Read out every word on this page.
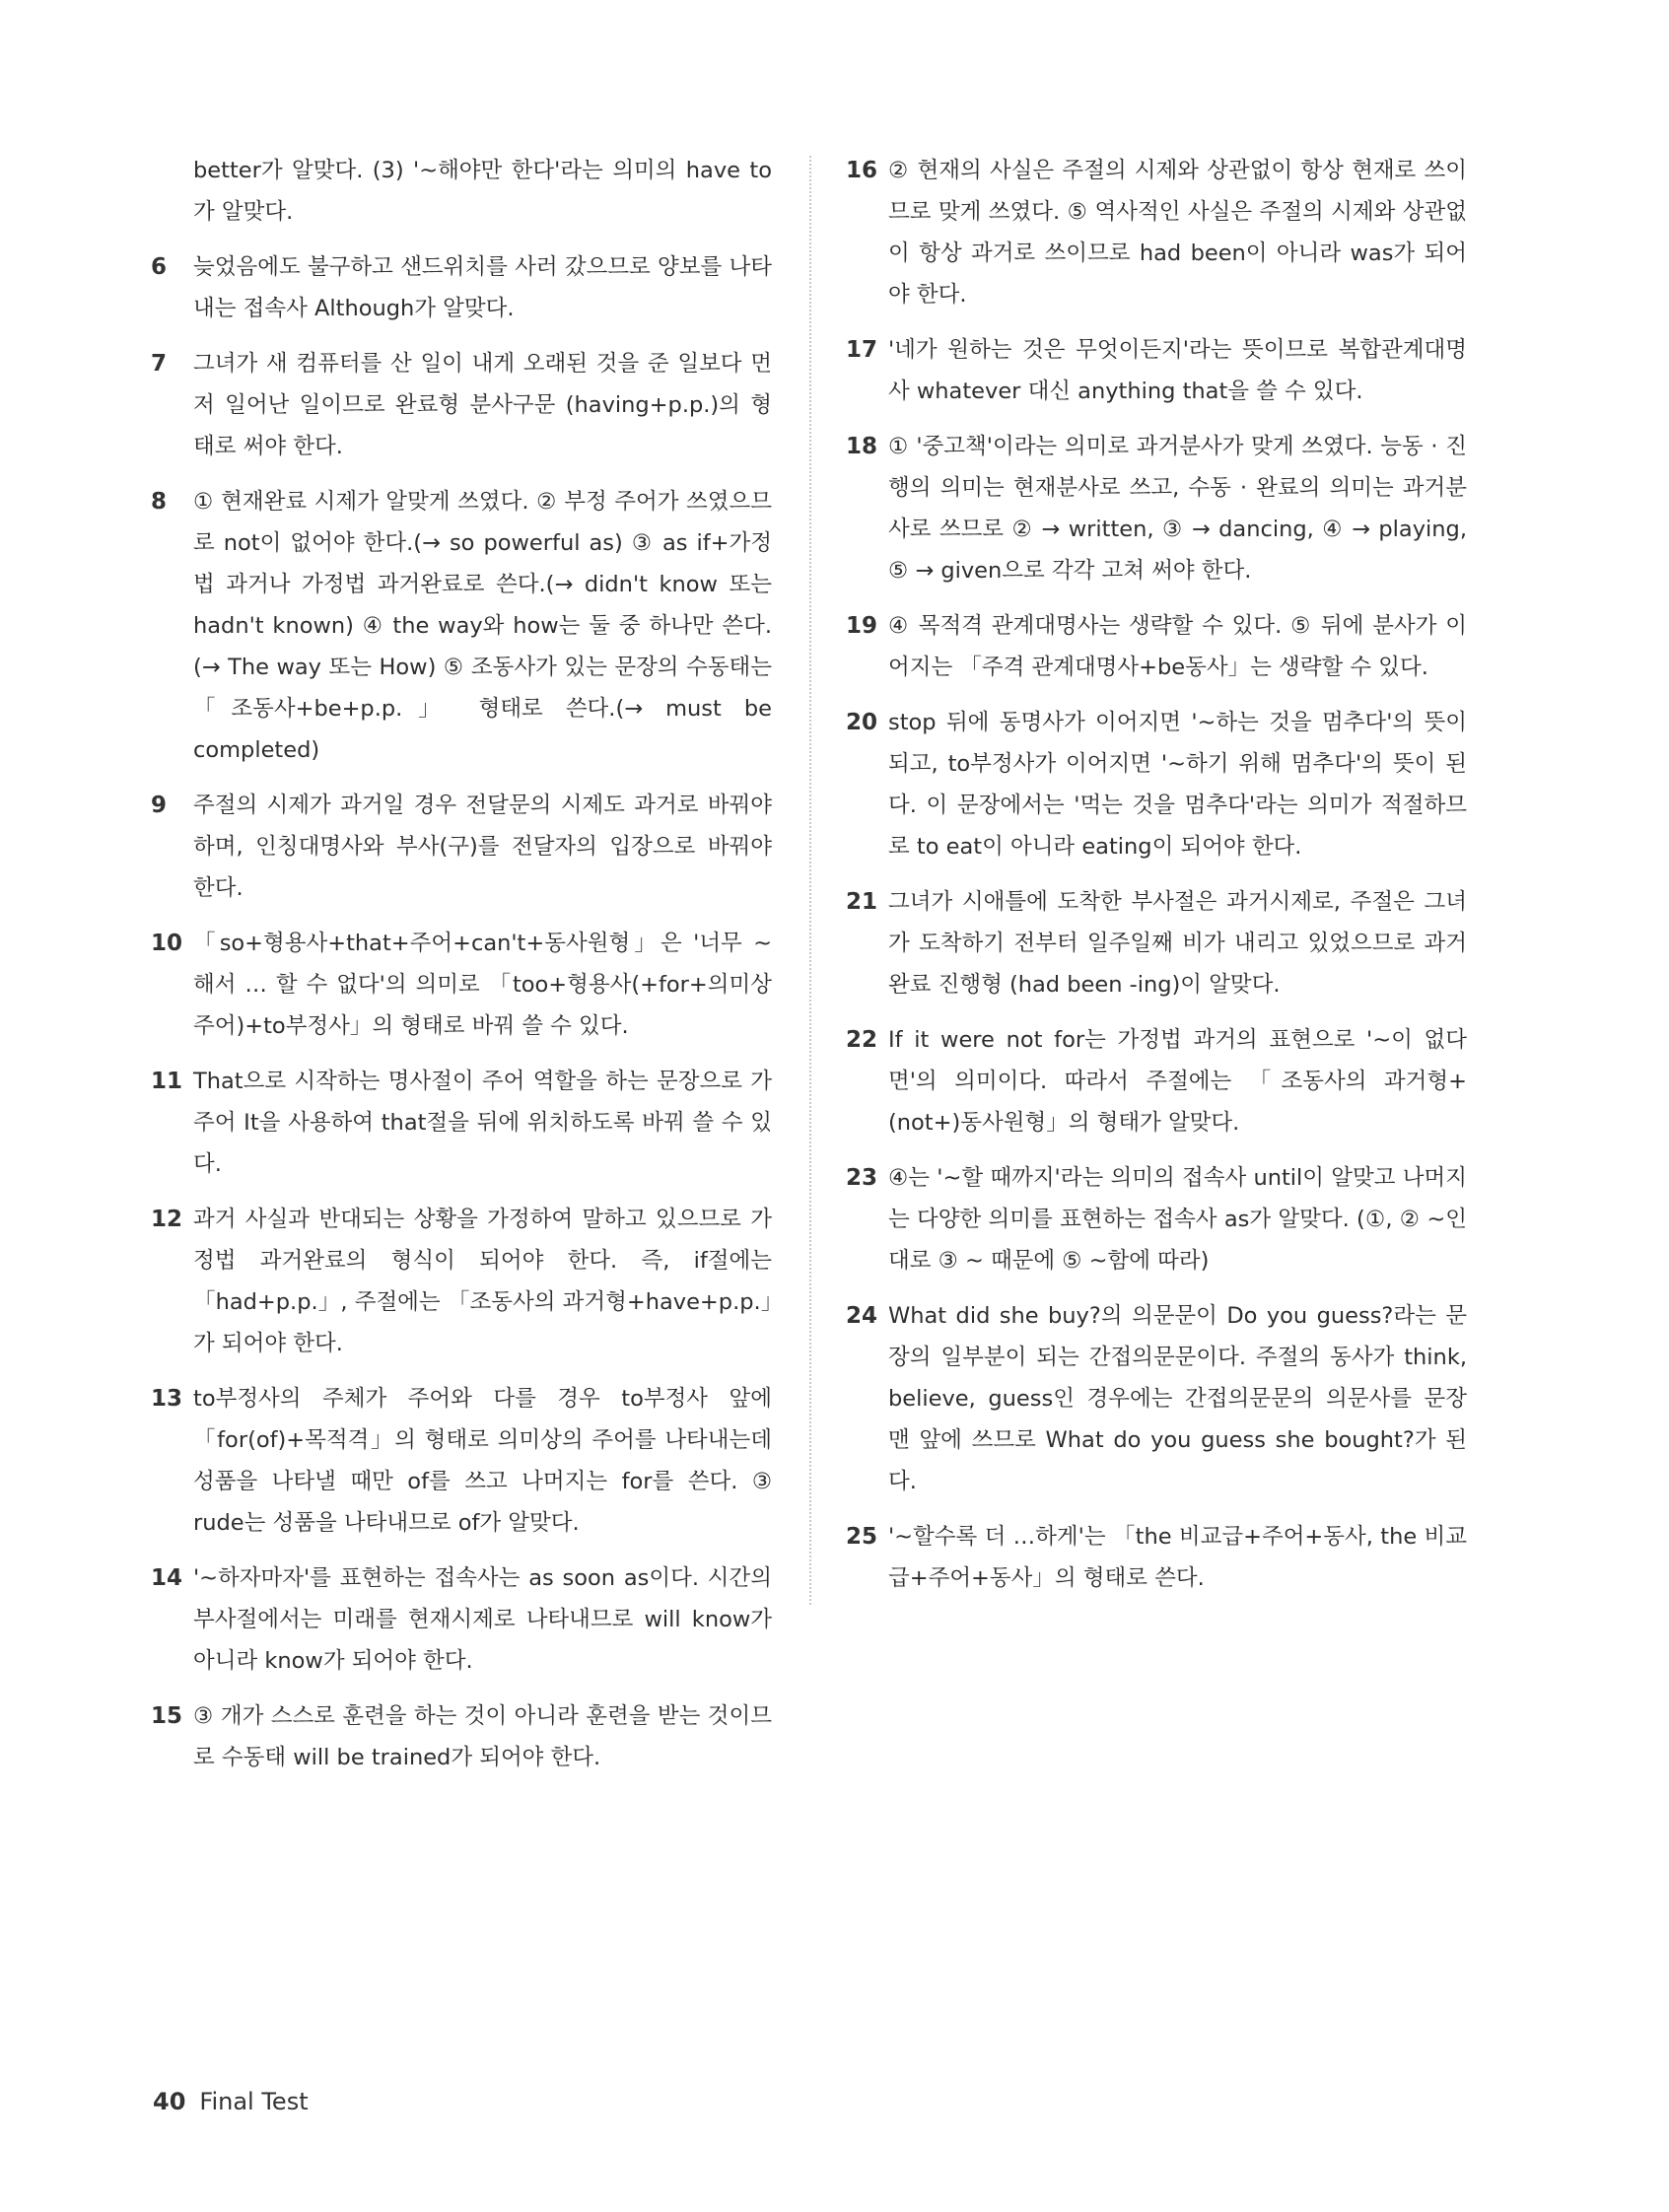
better가 알맞다. (3) '~해야만 한다'라는 의미의 have to가 알맞다.
6 늦었음에도 불구하고 샌드위치를 사러 갔으므로 양보를 나타내는 접속사 Although가 알맞다.
7 그녀가 새 컴퓨터를 산 일이 내게 오래된 것을 준 일보다 먼저 일어난 일이므로 완료형 분사구문 (having+p.p.)의 형태로 써야 한다.
8 ① 현재완료 시제가 알맞게 쓰였다. ② 부정 주어가 쓰였으므로 not이 없어야 한다.(→ so powerful as) ③ as if+가정법 과거나 가정법 과거완료로 쓴다.(→ didn't know 또는 hadn't known) ④ the way와 how는 둘 중 하나만 쓴다.(→ The way 또는 How) ⑤ 조동사가 있는 문장의 수동태는 「조동사+be+p.p.」 형태로 쓴다.(→ must be completed)
9 주절의 시제가 과거일 경우 전달문의 시제도 과거로 바꿔야 하며, 인칭대명사와 부사(구)를 전달자의 입장으로 바꿔야 한다.
10 「so+형용사+that+주어+can't+동사원형」은 '너무 ~해서 … 할 수 없다'의 의미로 「too+형용사(+for+의미상 주어)+to부정사」의 형태로 바꿔 쓸 수 있다.
11 That으로 시작하는 명사절이 주어 역할을 하는 문장으로 가주어 It을 사용하여 that절을 뒤에 위치하도록 바꿔 쓸 수 있다.
12 과거 사실과 반대되는 상황을 가정하여 말하고 있으므로 가정법 과거완료의 형식이 되어야 한다. 즉, if절에는 「had+p.p.」, 주절에는 「조동사의 과거형+have+p.p.」가 되어야 한다.
13 to부정사의 주체가 주어와 다를 경우 to부정사 앞에 「for(of)+목적격」의 형태로 의미상의 주어를 나타내는데 성품을 나타낼 때만 of를 쓰고 나머지는 for를 쓴다. ③ rude는 성품을 나타내므로 of가 알맞다.
14 '~하자마자'를 표현하는 접속사는 as soon as이다. 시간의 부사절에서는 미래를 현재시제로 나타내므로 will know가 아니라 know가 되어야 한다.
15 ③ 개가 스스로 훈련을 하는 것이 아니라 훈련을 받는 것이므로 수동태 will be trained가 되어야 한다.
16 ② 현재의 사실은 주절의 시제와 상관없이 항상 현재로 쓰이므로 맞게 쓰였다. ⑤ 역사적인 사실은 주절의 시제와 상관없이 항상 과거로 쓰이므로 had been이 아니라 was가 되어야 한다.
17 '네가 원하는 것은 무엇이든지'라는 뜻이므로 복합관계대명사 whatever 대신 anything that을 쓸 수 있다.
18 ① '중고책'이라는 의미로 과거분사가 맞게 쓰였다. 능동 · 진행의 의미는 현재분사로 쓰고, 수동 · 완료의 의미는 과거분사로 쓰므로 ② → written, ③ → dancing, ④ → playing, ⑤ → given으로 각각 고쳐 써야 한다.
19 ④ 목적격 관계대명사는 생략할 수 있다. ⑤ 뒤에 분사가 이어지는 「주격 관계대명사+be동사」는 생략할 수 있다.
20 stop 뒤에 동명사가 이어지면 '~하는 것을 멈추다'의 뜻이 되고, to부정사가 이어지면 '~하기 위해 멈추다'의 뜻이 된다. 이 문장에서는 '먹는 것을 멈추다'라는 의미가 적절하므로 to eat이 아니라 eating이 되어야 한다.
21 그녀가 시애틀에 도착한 부사절은 과거시제로, 주절은 그녀가 도착하기 전부터 일주일째 비가 내리고 있었으므로 과거완료 진행형 (had been -ing)이 알맞다.
22 If it were not for는 가정법 과거의 표현으로 '~이 없다면'의 의미이다. 따라서 주절에는 「조동사의 과거형+(not+)동사원형」의 형태가 알맞다.
23 ④는 '~할 때까지'라는 의미의 접속사 until이 알맞고 나머지는 다양한 의미를 표현하는 접속사 as가 알맞다. (①, ② ~인 대로 ③ ~ 때문에 ⑤ ~함에 따라)
24 What did she buy?의 의문문이 Do you guess?라는 문장의 일부분이 되는 간접의문문이다. 주절의 동사가 think, believe, guess인 경우에는 간접의문문의 의문사를 문장 맨 앞에 쓰므로 What do you guess she bought?가 된다.
25 '~할수록 더 …하게'는 「the 비교급+주어+동사, the 비교급+주어+동사」의 형태로 쓴다.
40 Final Test
